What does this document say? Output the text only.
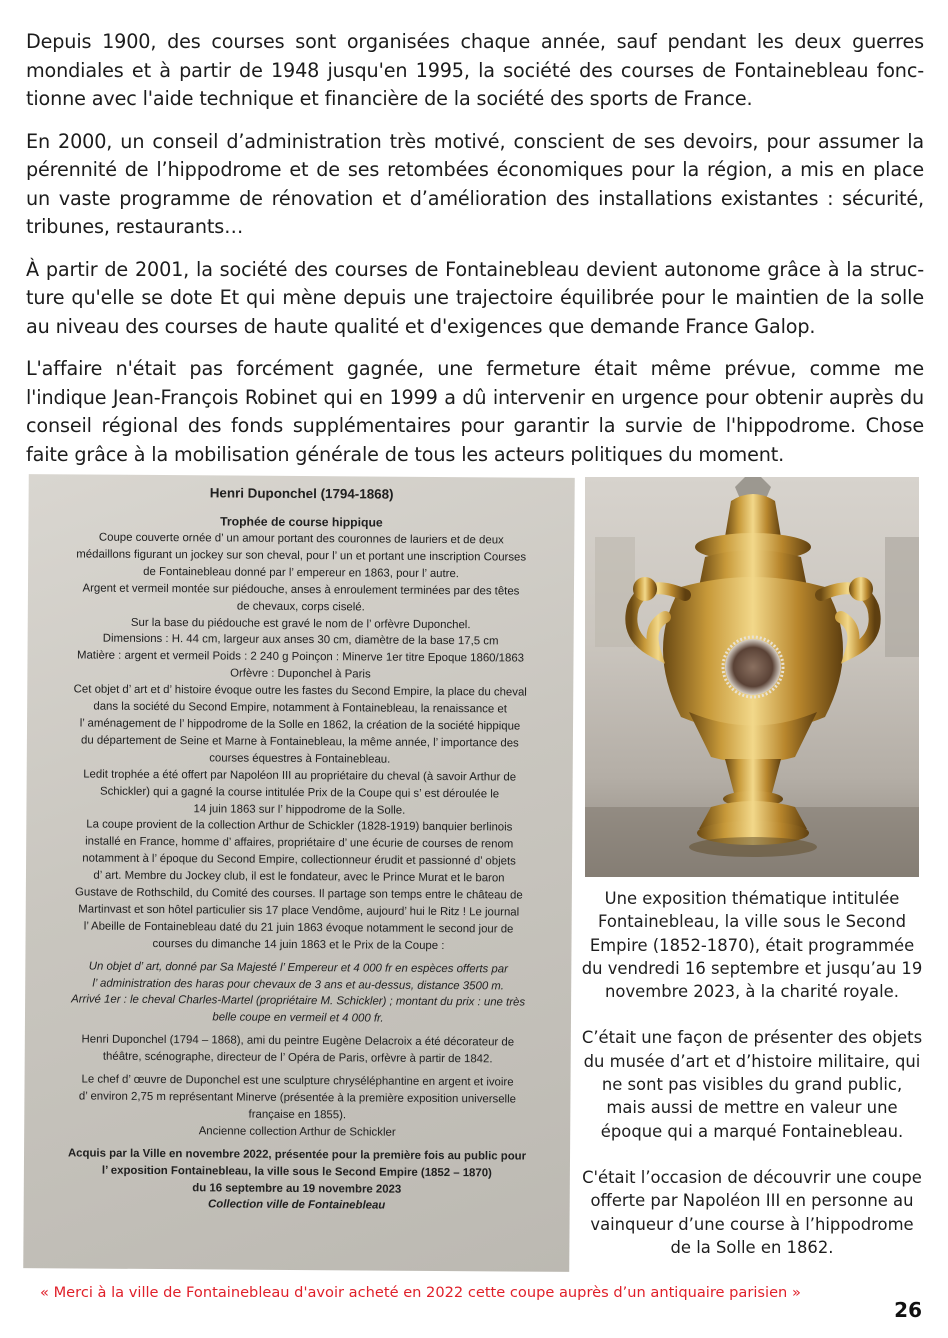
Depuis 1900, des courses sont organisées chaque année, sauf pendant les deux guerres mondiales et à partir de 1948 jusqu'en 1995, la société des courses de Fontainebleau fonc-tionne avec l'aide technique et financière de la société des sports de France.

En 2000, un conseil d’administration très motivé, conscient de ses devoirs, pour assumer la pérennité de l’hippodrome et de ses retombées économiques pour la région, a mis en place un vaste programme de rénovation et d’amélioration des installations existantes : sécurité, tribunes, restaurants…

À partir de 2001, la société des courses de Fontainebleau devient autonome grâce à la struc-ture qu'elle se dote Et qui mène depuis une trajectoire équilibrée pour le maintien de la solle au niveau des courses de haute qualité et d'exigences que demande France Galop.

L'affaire n'était pas forcément gagnée, une fermeture était même prévue, comme me l'indique Jean-François Robinet qui en 1999 a dû intervenir en urgence pour obtenir auprès du conseil régional des fonds supplémentaires pour garantir la survie de l'hippodrome. Chose faite grâce à la mobilisation générale de tous les acteurs politiques du moment.

Henri Duponchel (1794-1868)
Trophée de course hippique
Coupe couverte ornée d’ un amour portant des couronnes de lauriers et de deux
médaillons figurant un jockey sur son cheval, pour l’ un et portant une inscription Courses
de Fontainebleau donné par l’ empereur en 1863, pour l’ autre.
Argent et vermeil montée sur piédouche, anses à enroulement terminées par des têtes
de chevaux, corps ciselé.
Sur la base du piédouche est gravé le nom de l’ orfèvre Duponchel.
Dimensions : H. 44 cm, largeur aux anses 30 cm, diamètre de la base 17,5 cm
Matière : argent et vermeil Poids : 2 240 g Poinçon : Minerve 1er titre Epoque 1860/1863
Orfèvre : Duponchel à Paris
Cet objet d’ art et d’ histoire évoque outre les fastes du Second Empire, la place du cheval
dans la société du Second Empire, notamment à Fontainebleau, la renaissance et
l’ aménagement de l’ hippodrome de la Solle en 1862, la création de la société hippique
du département de Seine et Marne à Fontainebleau, la même année, l’ importance des
courses équestres à Fontainebleau.
Ledit trophée a été offert par Napoléon III au propriétaire du cheval (à savoir Arthur de
Schickler) qui a gagné la course intitulée Prix de la Coupe qui s’ est déroulée le
14 juin 1863 sur l’ hippodrome de la Solle.
La coupe provient de la collection Arthur de Schickler (1828-1919) banquier berlinois
installé en France, homme d’ affaires, propriétaire d’ une écurie de courses de renom
notamment à l’ époque du Second Empire, collectionneur érudit et passionné d’ objets
d’ art. Membre du Jockey club, il est le fondateur, avec le Prince Murat et le baron
Gustave de Rothschild, du Comité des courses. Il partage son temps entre le château de
Martinvast et son hôtel particulier sis 17 place Vendôme, aujourd’ hui le Ritz ! Le journal
l’ Abeille de Fontainebleau daté du 21 juin 1863 évoque notamment le second jour de
courses du dimanche 14 juin 1863 et le Prix de la Coupe :
Un objet d’ art, donné par Sa Majesté l’ Empereur et 4 000 fr en espèces offerts par
l’ administration des haras pour chevaux de 3 ans et au-dessus, distance 3500 m.
Arrivé 1er : le cheval Charles-Martel (propriétaire M. Schickler) ; montant du prix : une très
belle coupe en vermeil et 4 000 fr.
Henri Duponchel (1794 – 1868), ami du peintre Eugène Delacroix a été décorateur de
théâtre, scénographe, directeur de l’ Opéra de Paris, orfèvre à partir de 1842.
Le chef d’ œuvre de Duponchel est une sculpture chryséléphantine en argent et ivoire
d’ environ 2,75 m représentant Minerve (présentée à la première exposition universelle
française en 1855).
Ancienne collection Arthur de Schickler
Acquis par la Ville en novembre 2022, présentée pour la première fois au public pour
l’ exposition Fontainebleau, la ville sous le Second Empire (1852 – 1870)
du 16 septembre au 19 novembre 2023
Collection ville de Fontainebleau

Une exposition thématique intitulée Fontainebleau, la ville sous le Second Empire (1852-1870), était programmée du vendredi 16 septembre et jusqu’au 19 novembre 2023, à la charité royale.

C’était une façon de présenter des objets du musée d’art et d’histoire militaire, qui ne sont pas visibles du grand public, mais aussi de mettre en valeur une époque qui a marqué Fontainebleau.

C'était l’occasion de découvrir une coupe offerte par Napoléon III en personne au vainqueur d’une course à l’hippodrome de la Solle en 1862.

« Merci à la ville de Fontainebleau d'avoir acheté en 2022 cette coupe auprès d’un antiquaire parisien »
26
